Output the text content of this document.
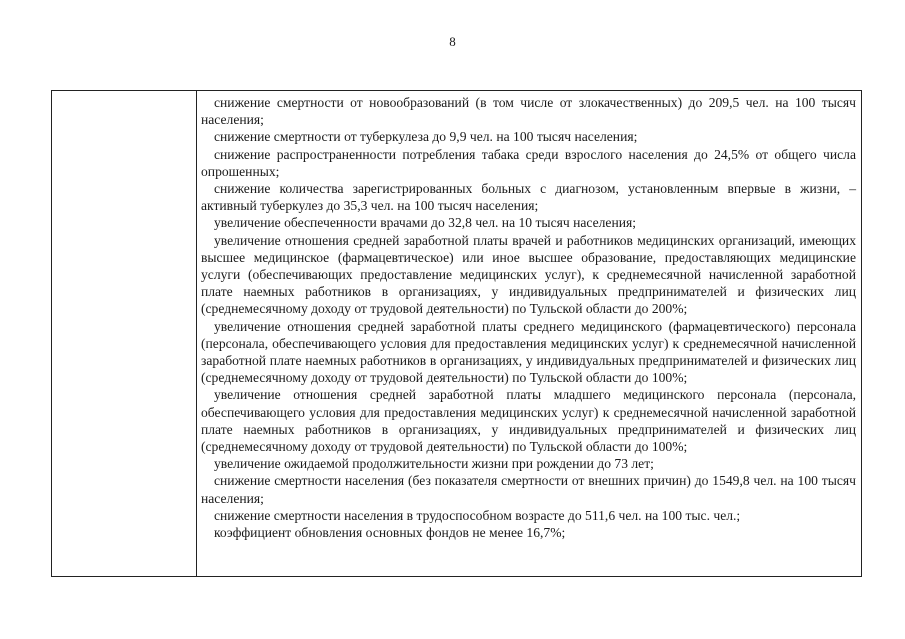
8

снижение смертности от новообразований (в том числе от злокачественных) до 209,5 чел. на 100 тысяч населения;

снижение смертности от туберкулеза до 9,9 чел. на 100 тысяч населения;

снижение распространенности потребления табака среди взрослого населения до 24,5% от общего числа опрошенных;

снижение количества зарегистрированных больных с диагнозом, установленным впервые в жизни, – активный туберкулез до 35,3 чел. на 100 тысяч населения;

увеличение обеспеченности врачами до 32,8 чел. на 10 тысяч населения;

увеличение отношения средней заработной платы врачей и работников медицинских организаций, имеющих высшее медицинское (фармацевтическое) или иное высшее образование, предоставляющих медицинские услуги (обеспечивающих предоставление медицинских услуг), к среднемесячной начисленной заработной плате наемных работников в организациях, у индивидуальных предпринимателей и физических лиц (среднемесячному доходу от трудовой деятельности) по Тульской области до 200%;

увеличение отношения средней заработной платы среднего медицинского (фармацевтического) персонала (персонала, обеспечивающего условия для предоставления медицинских услуг) к среднемесячной начисленной заработной плате наемных работников в организациях, у индивидуальных предпринимателей и физических лиц (среднемесячному доходу от трудовой деятельности) по Тульской области до 100%;

увеличение отношения средней заработной платы младшего медицинского персонала (персонала, обеспечивающего условия для предоставления медицинских услуг) к среднемесячной начисленной заработной плате наемных работников в организациях, у индивидуальных предпринимателей и физических лиц (среднемесячному доходу от трудовой деятельности) по Тульской области до 100%;

увеличение ожидаемой продолжительности жизни при рождении до 73 лет;

снижение смертности населения (без показателя смертности от внешних причин) до 1549,8 чел. на 100 тысяч населения;

снижение смертности населения в трудоспособном возрасте до 511,6 чел. на 100 тыс. чел.;

коэффициент обновления основных фондов не менее 16,7%;
